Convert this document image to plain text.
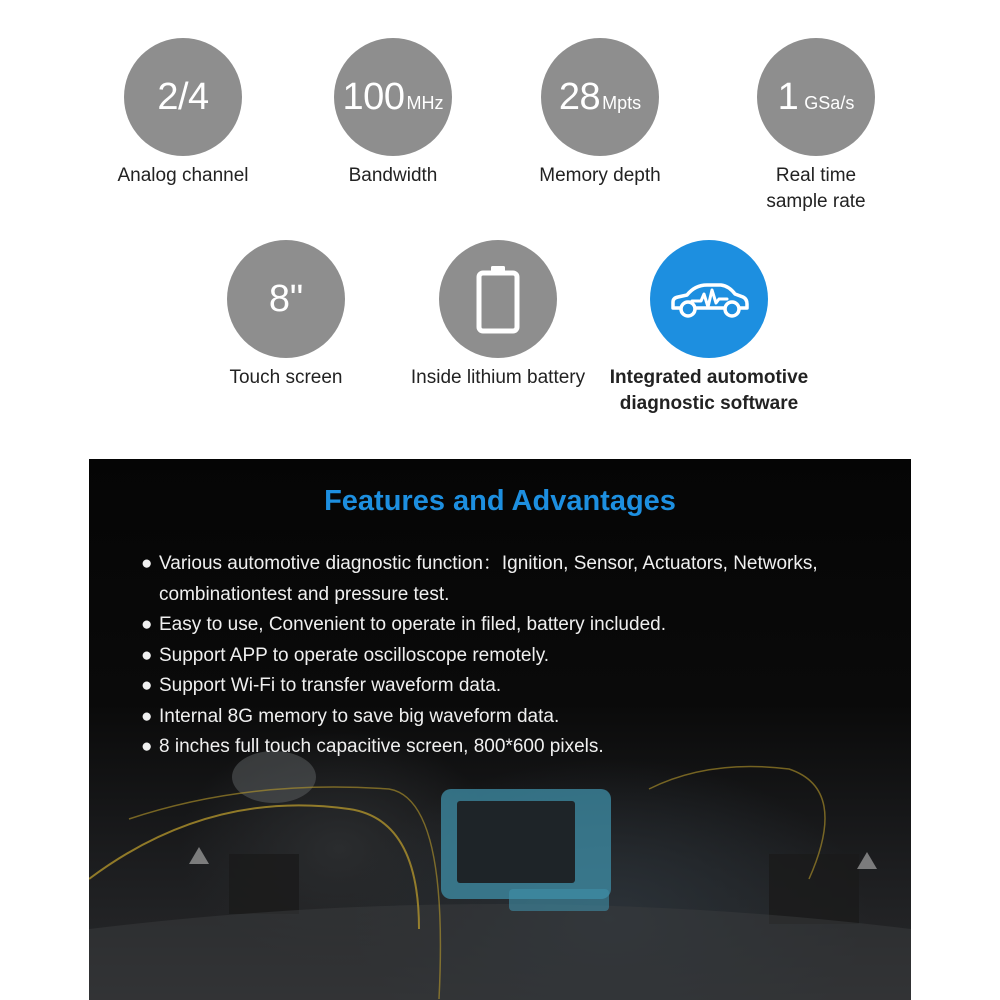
2/4
Analog channel
100 MHz
Bandwidth
28 Mpts
Memory depth
1 GSa/s
Real time
sample rate
8''
Touch screen	Inside lithium battery	Integrated automotive
diagnostic software
Features and Advantages
● Various automotive diagnostic function：Ignition, Sensor, Actuators, Networks, combinationtest and pressure test.
● Easy to use, Convenient to operate in filed, battery included.
● Support APP to operate oscilloscope remotely.
● Support Wi-Fi to transfer waveform data.
● Internal 8G memory to save big waveform data.
● 8 inches full touch capacitive screen, 800*600 pixels.
